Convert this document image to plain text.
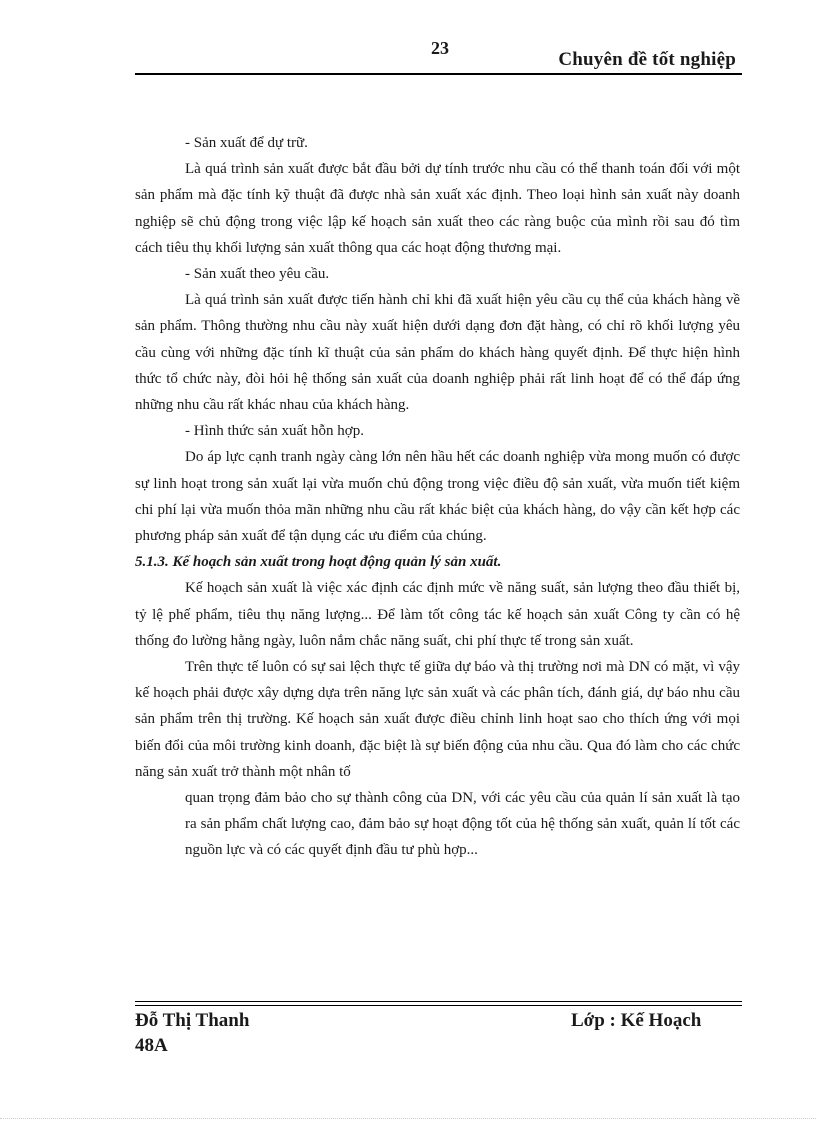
23
Chuyên đề tốt nghiệp

- Sản xuất để dự trữ.

Là quá trình sản xuất được bắt đầu bởi dự tính trước nhu cầu có thể thanh toán đối với một sản phẩm mà đặc tính kỹ thuật đã được nhà sản xuất xác định. Theo loại hình sản xuất này doanh nghiệp sẽ chủ động trong việc lập kế hoạch sản xuất theo các ràng buộc của mình rồi sau đó tìm cách tiêu thụ khối lượng sản xuất thông qua các hoạt động thương mại.

- Sản xuất theo yêu cầu.

Là quá trình sản xuất được tiến hành chỉ khi đã xuất hiện yêu cầu cụ thể của khách hàng về sản phẩm. Thông thường nhu cầu này xuất hiện dưới dạng đơn đặt hàng, có chỉ rõ khối lượng yêu cầu cùng với những đặc tính kĩ thuật của sản phẩm do khách hàng quyết định. Để thực hiện hình thức tổ chức này, đòi hỏi hệ thống sản xuất của doanh nghiệp phải rất linh hoạt để có thể đáp ứng những nhu cầu rất khác nhau của khách hàng.

- Hình thức sản xuất hỗn hợp.

Do áp lực cạnh tranh ngày càng lớn nên hầu hết các doanh nghiệp vừa mong muốn có được sự linh hoạt trong sản xuất lại vừa muốn chủ động trong việc điều độ sản xuất, vừa muốn tiết kiệm chi phí lại vừa muốn thỏa mãn những nhu cầu rất khác biệt của khách hàng, do vậy cần kết hợp các phương pháp sản xuất để tận dụng các ưu điểm của chúng.

5.1.3. Kế hoạch sản xuất trong hoạt động quản lý sản xuất.

Kế hoạch sản xuất là việc xác định các định mức về năng suất, sản lượng theo đầu thiết bị, tỷ lệ phế phẩm, tiêu thụ năng lượng... Để làm tốt công tác kế hoạch sản xuất Công ty cần có hệ thống đo lường hằng ngày, luôn nắm chắc năng suất, chi phí thực tế trong sản xuất.

Trên thực tế luôn có sự sai lệch thực tế giữa dự báo và thị trường nơi mà DN có mặt, vì vậy kế hoạch phải được xây dựng dựa trên năng lực sản xuất và các phân tích, đánh giá, dự báo nhu cầu sản phẩm trên thị trường. Kế hoạch sản xuất được điều chỉnh linh hoạt sao cho thích ứng với mọi biến đổi của môi trường kinh doanh, đặc biệt là sự biến động của nhu cầu. Qua đó làm cho các chức năng sản xuất trở thành một nhân tố

quan trọng đảm bảo cho sự thành công của DN, với các yêu cầu của quản lí sản xuất là tạo ra sản phẩm chất lượng cao, đảm bảo sự hoạt động tốt của hệ thống sản xuất, quản lí tốt các nguồn lực và có các quyết định đầu tư phù hợp...

Đỗ Thị Thanh
48A
Lớp : Kế Hoạch
